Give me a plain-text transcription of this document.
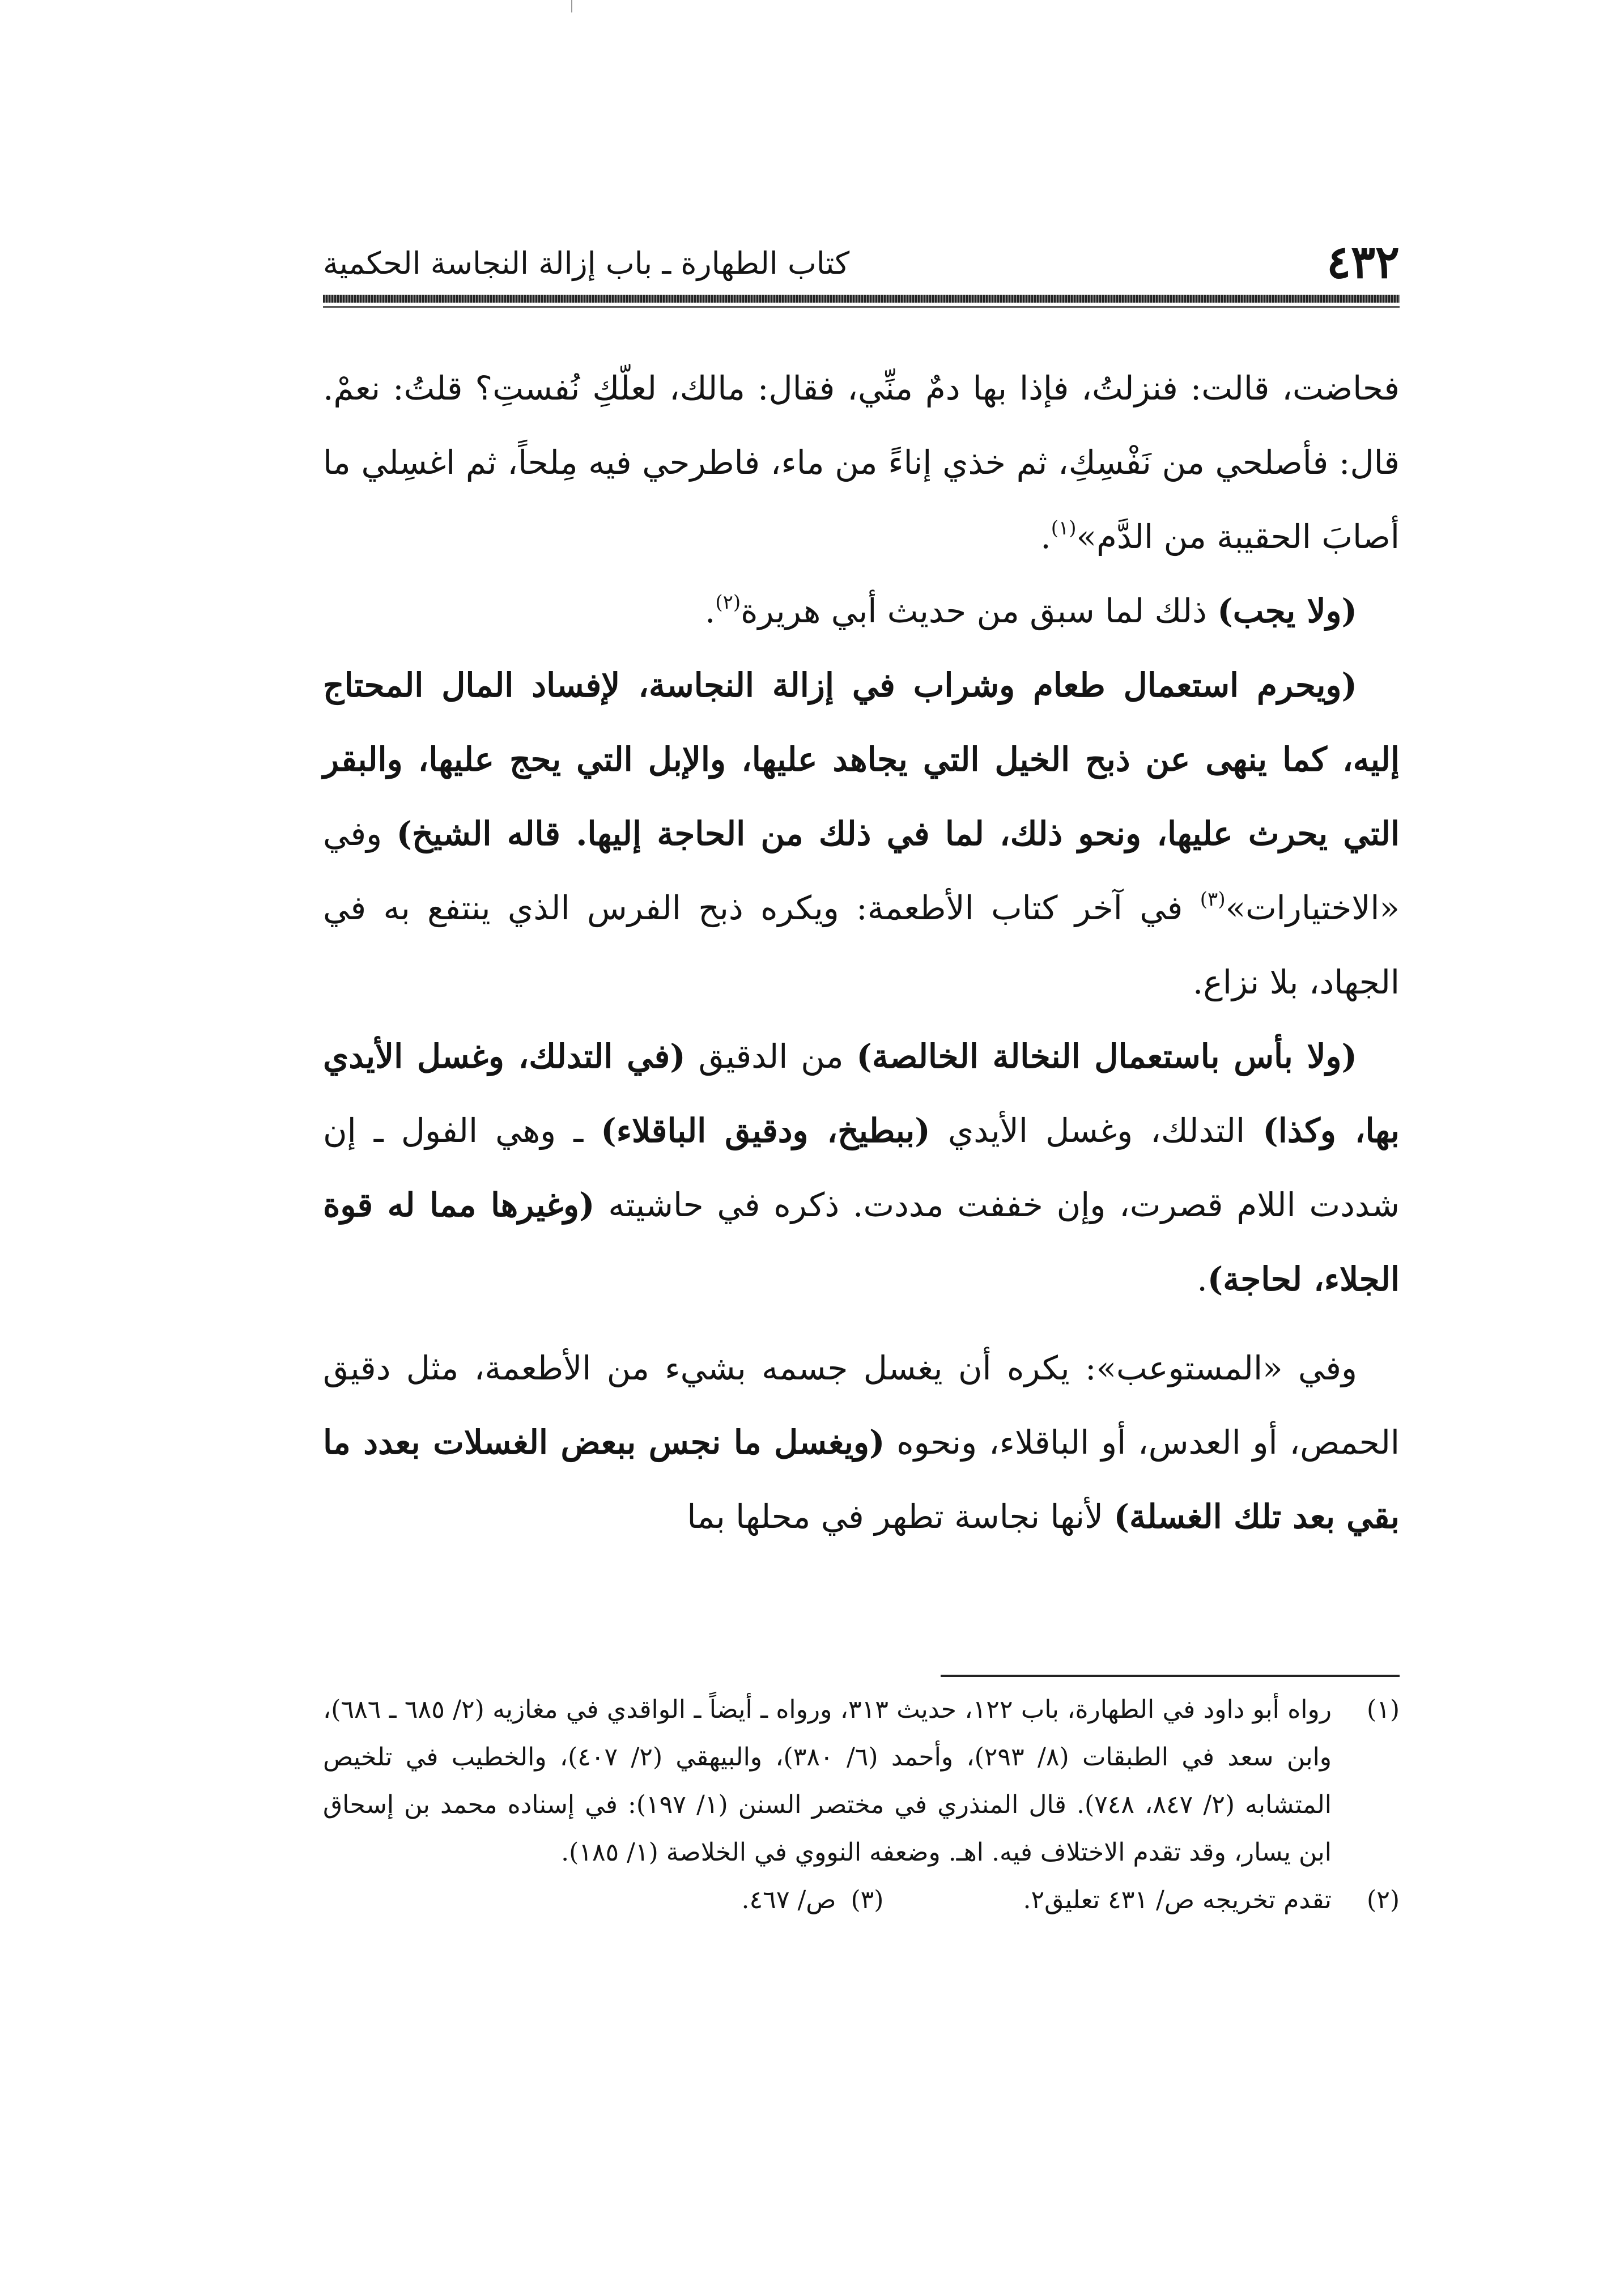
٤٣٢
كتاب الطهارة ـ باب إزالة النجاسة الحكمية

فحاضت، قالت: فنزلتُ، فإذا بها دمٌ منِّي، فقال: مالك، لعلّكِ نُفستِ؟ قلتُ: نعمْ. قال: فأصلحي من نَفْسِكِ، ثم خذي إناءً من ماء، فاطرحي فيه مِلحاً، ثم اغسِلي ما أصابَ الحقيبة من الدَّم»$^{(١)}$.

(ولا يجب) ذلك لما سبق من حديث أبي هريرة$^{(٢)}$.

(ويحرم استعمال طعام وشراب في إزالة النجاسة، لإفساد المال المحتاج إليه، كما ينهى عن ذبح الخيل التي يجاهد عليها، والإبل التي يحج عليها، والبقر التي يحرث عليها، ونحو ذلك، لما في ذلك من الحاجة إليها. قاله الشيخ) وفي «الاختيارات»$^{(٣)}$ في آخر كتاب الأطعمة: ويكره ذبح الفرس الذي ينتفع به في الجهاد، بلا نزاع.

(ولا بأس باستعمال النخالة الخالصة) من الدقيق (في التدلك، وغسل الأيدي بها، وكذا) التدلك، وغسل الأيدي (ببطيخ، ودقيق الباقلاء) ـ وهي الفول ـ إن شددت اللام قصرت، وإن خففت مددت. ذكره في حاشيته (وغيرها مما له قوة الجلاء، لحاجة).

وفي «المستوعب»: يكره أن يغسل جسمه بشيء من الأطعمة، مثل دقيق الحمص، أو العدس، أو الباقلاء، ونحوه (ويغسل ما نجس ببعض الغسلات بعدد ما بقي بعد تلك الغسلة) لأنها نجاسة تطهر في محلها بما

(١)
رواه أبو داود في الطهارة، باب ١٢٢، حديث ٣١٣، ورواه ـ أيضاً ـ الواقدي في مغازيه (٢/ ٦٨٥ ـ ٦٨٦)، وابن سعد في الطبقات (٨/ ٢٩٣)، وأحمد (٦/ ٣٨٠)، والبيهقي (٢/ ٤٠٧)، والخطيب في تلخيص المتشابه (٢/ ٨٤٧، ٧٤٨). قال المنذري في مختصر السنن (١/ ١٩٧): في إسناده محمد بن إسحاق ابن يسار، وقد تقدم الاختلاف فيه. اهـ. وضعفه النووي في الخلاصة (١/ ١٨٥).
(٢)
تقدم تخريجه ص/ ٤٣١ تعليق٢.
(٣)
ص/ ٤٦٧.
